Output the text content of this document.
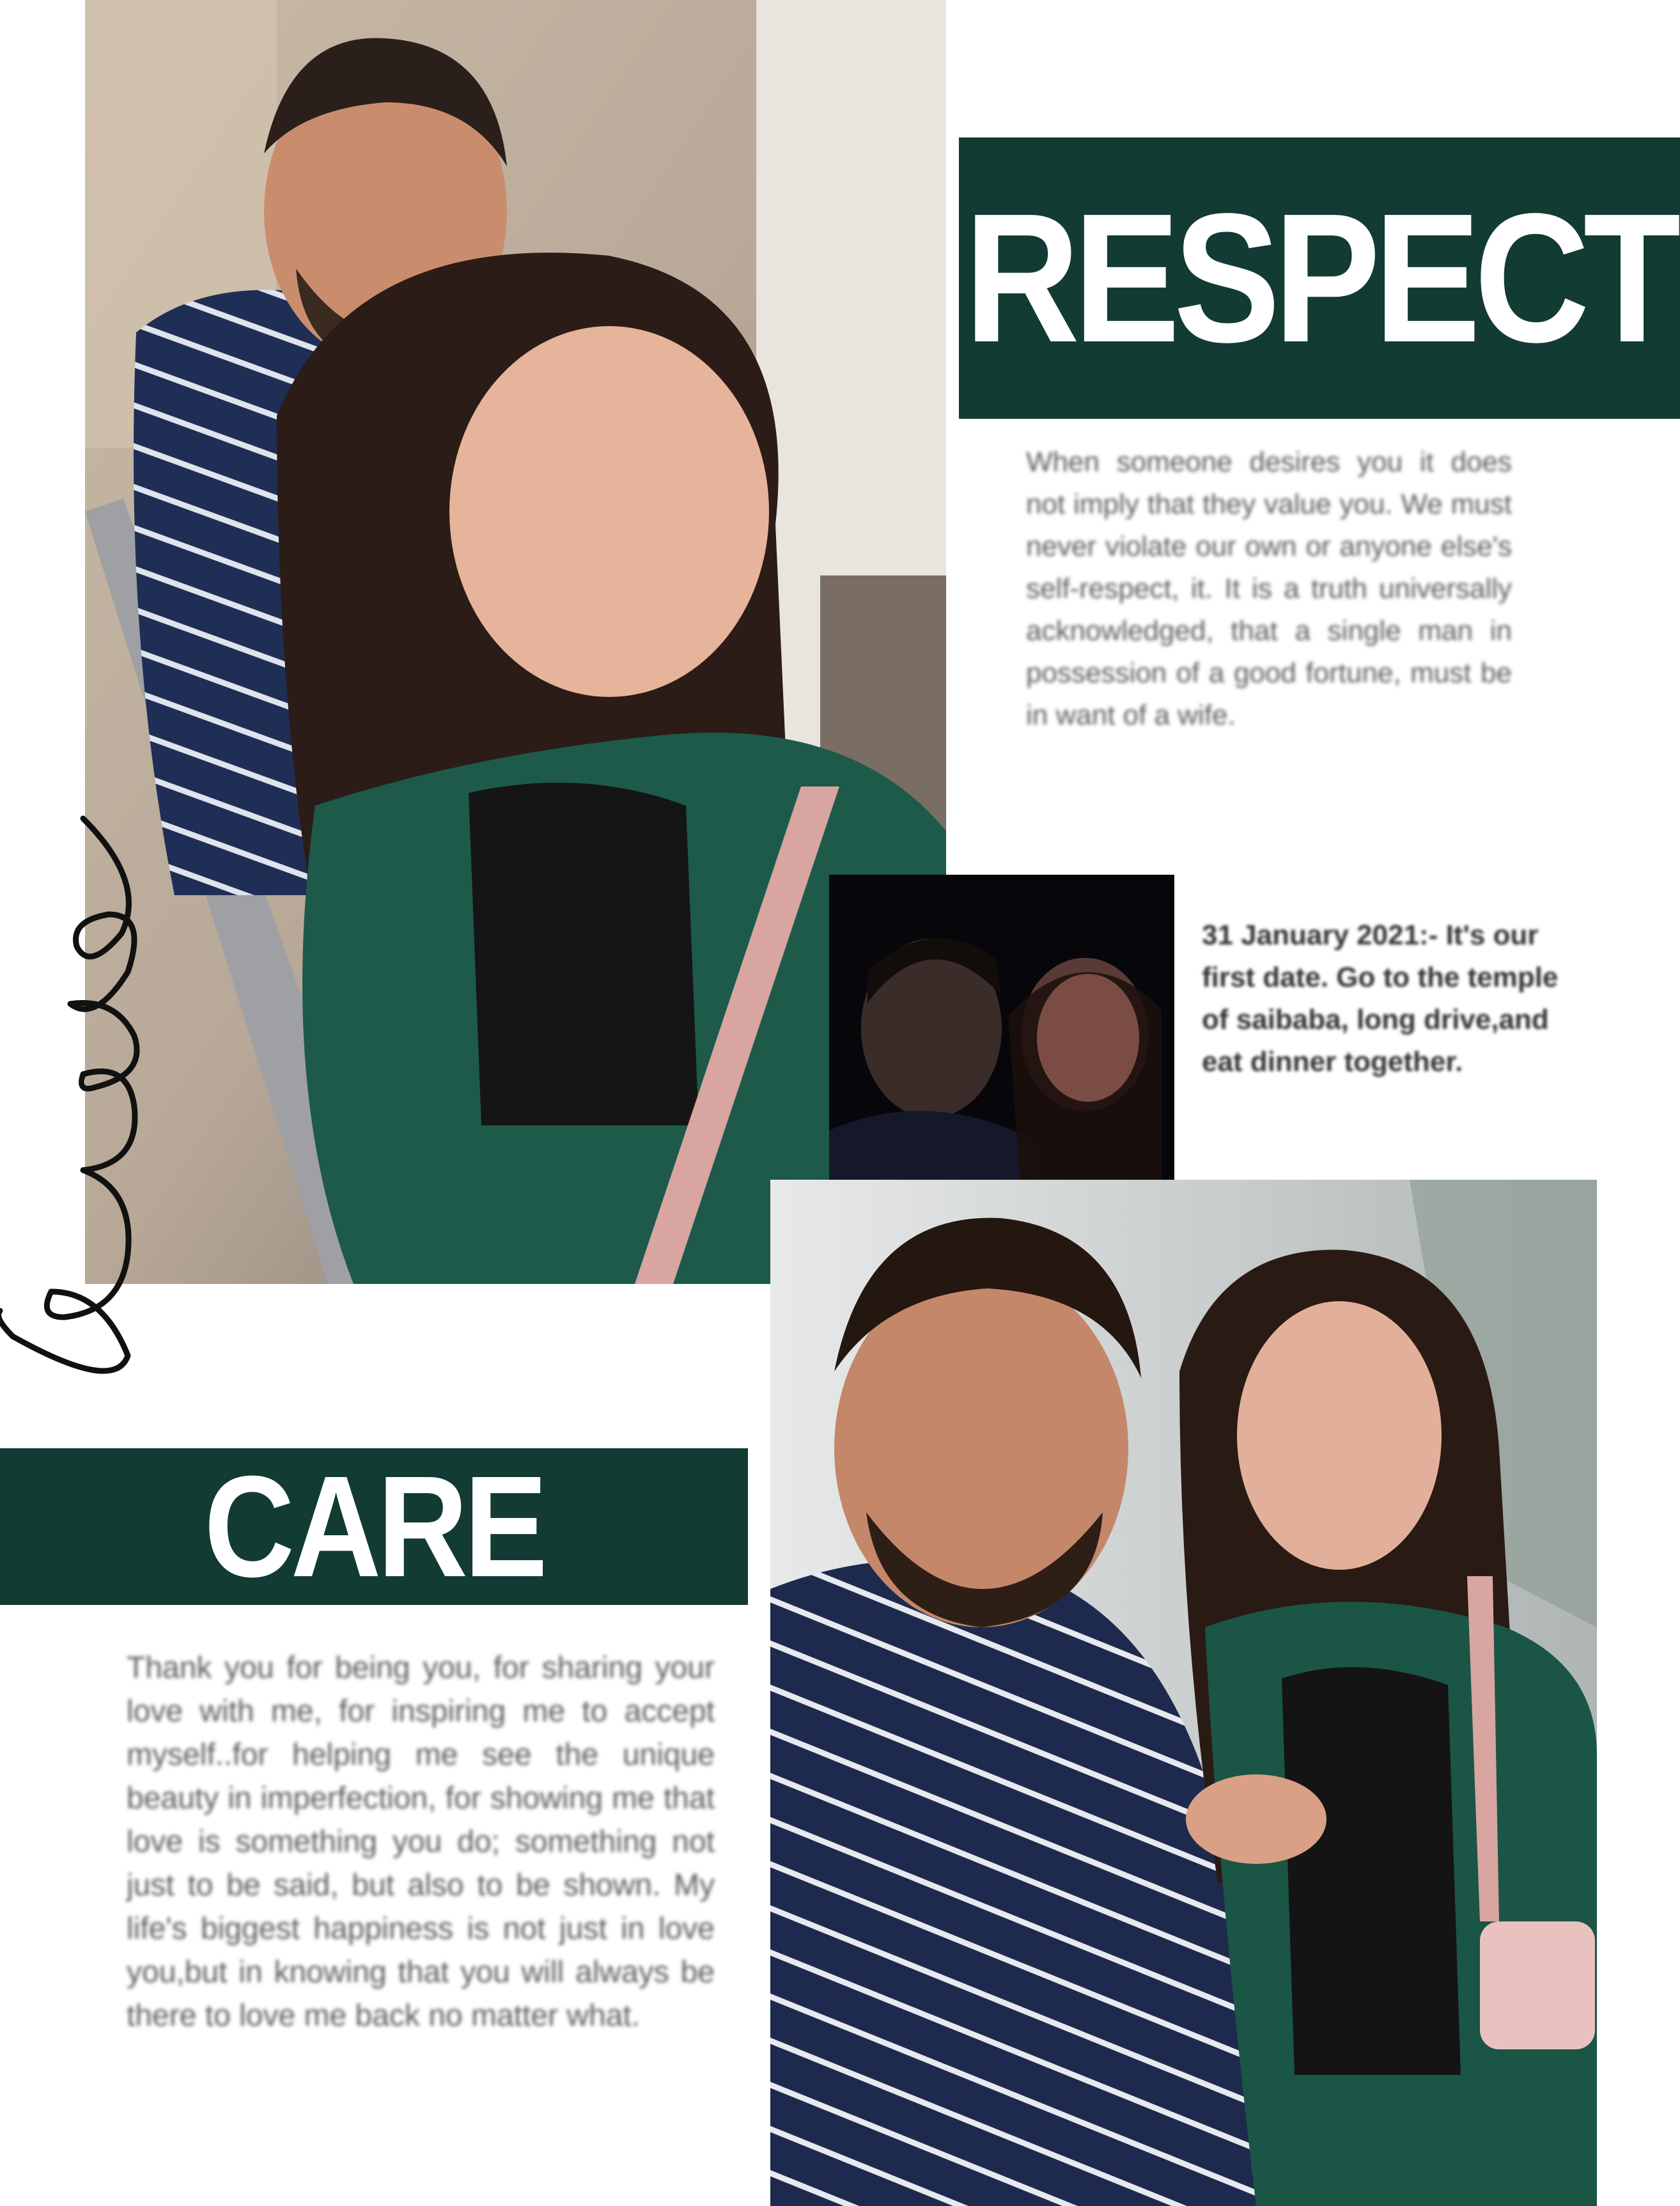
RESPECT
When someone desires you it does not imply that they value you. We must never violate our own or anyone else's self-respect, it. It is a truth universally acknowledged, that a single man in possession of a good fortune, must be in want of a wife.
31 January 2021:- It's our first date. Go to the temple of saibaba, long drive,and eat dinner together.
CARE
Thank you for being you, for sharing your love with me, for inspiring me to accept myself..for helping me see the unique beauty in imperfection, for showing me that love is something you do; something not just to be said, but also to be shown. My life's biggest happiness is not just in love you,but in knowing that you will always be there to love me back no matter what.
